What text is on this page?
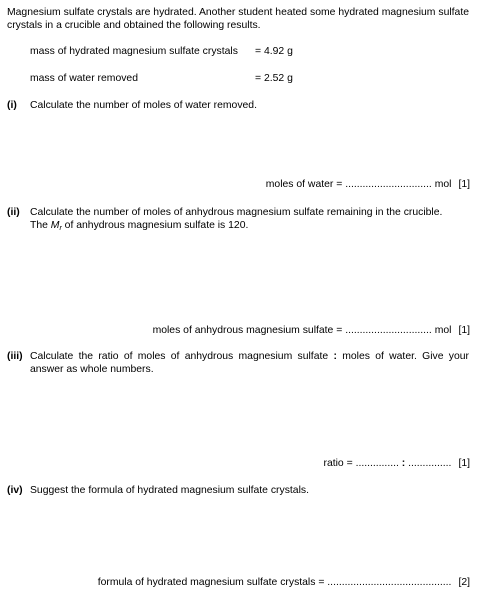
Magnesium sulfate crystals are hydrated. Another student heated some hydrated magnesium sulfate crystals in a crucible and obtained the following results.
mass of hydrated magnesium sulfate crystals = 4.92 g
mass of water removed	= 2.52 g
(i)	Calculate the number of moles of water removed.
moles of water = .............................. mol [1]
(ii) Calculate the number of moles of anhydrous magnesium sulfate remaining in the crucible.
The $M_r$ of anhydrous magnesium sulfate is 120.
moles of anhydrous magnesium sulfate = .............................. mol [1]
(iii) Calculate the ratio of moles of anhydrous magnesium sulfate : moles of water. Give your answer as whole numbers.
ratio = ............... : ............... [1]
(iv) Suggest the formula of hydrated magnesium sulfate crystals.
formula of hydrated magnesium sulfate crystals = ........................................... [2]
